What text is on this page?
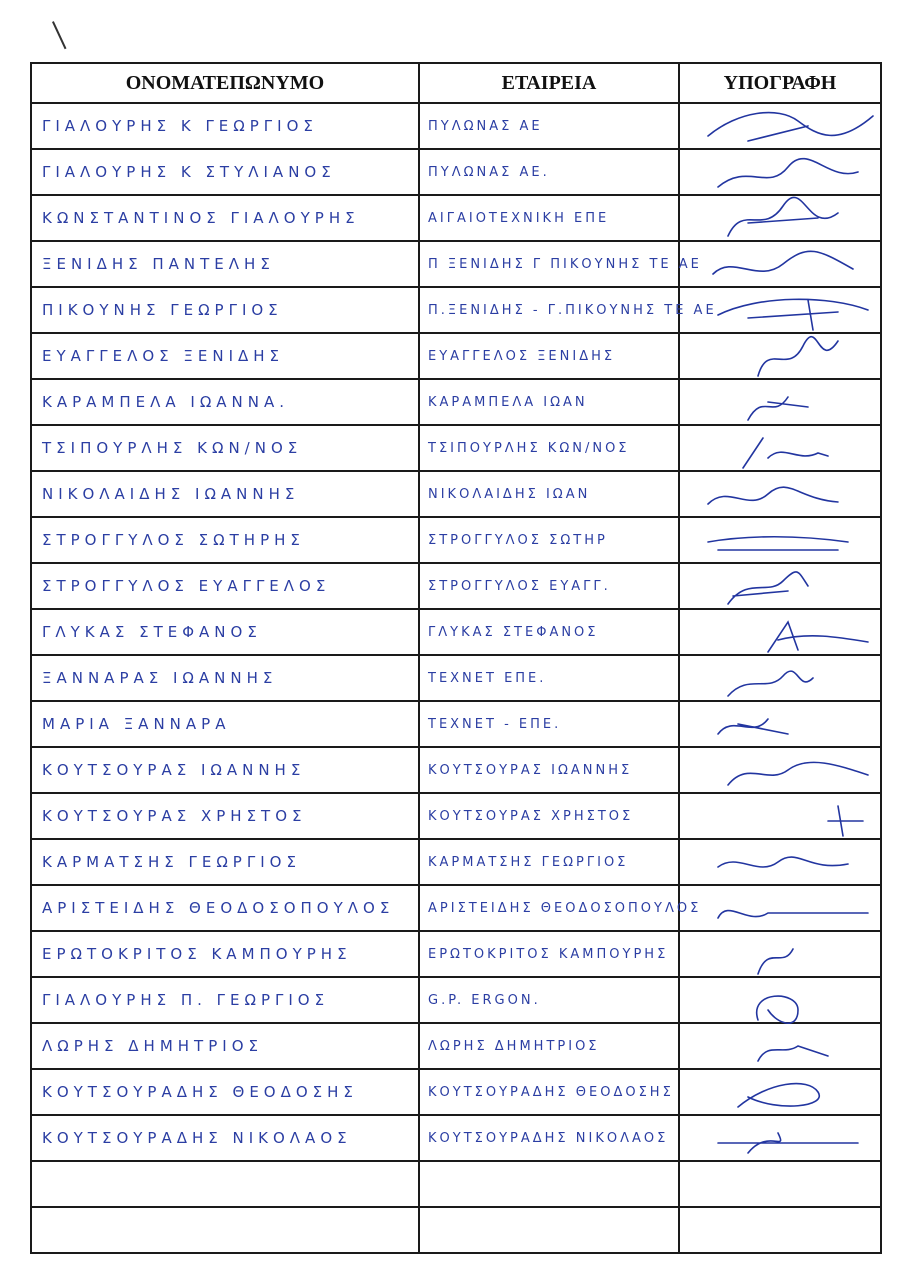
ΟΝΟΜΑΤΕΠΩΝΥΜΟ	ΕΤΑΙΡΕΙΑ	ΥΠΟΓΡΑΦΗ
ΓΙΑΛΟΥΡΗΣ Κ ΓΕΩΡΓΙΟΣ	ΠΥΛΩΝΑΣ ΑΕ	

ΓΙΑΛΟΥΡΗΣ Κ ΣΤΥΛΙΑΝΟΣ	ΠΥΛΩΝΑΣ ΑΕ.	

ΚΩΝΣΤΑΝΤΙΝΟΣ ΓΙΑΛΟΥΡΗΣ	ΑΙΓΑΙΟΤΕΧΝΙΚΗ ΕΠΕ	

ΞΕΝΙΔΗΣ ΠΑΝΤΕΛΗΣ	Π ΞΕΝΙΔΗΣ Γ ΠΙΚΟΥΝΗΣ ΤΕ ΑΕ	

ΠΙΚΟΥΝΗΣ ΓΕΩΡΓΙΟΣ	Π.ΞΕΝΙΔΗΣ - Γ.ΠΙΚΟΥΝΗΣ ΤΕ ΑΕ	

ΕΥΑΓΓΕΛΟΣ ΞΕΝΙΔΗΣ	ΕΥΑΓΓΕΛΟΣ ΞΕΝΙΔΗΣ	

ΚΑΡΑΜΠΕΛΑ ΙΩΑΝΝΑ.	ΚΑΡΑΜΠΕΛΑ ΙΩΑΝ	

ΤΣΙΠΟΥΡΛΗΣ ΚΩΝ/ΝΟΣ	ΤΣΙΠΟΥΡΛΗΣ ΚΩΝ/ΝΟΣ	

ΝΙΚΟΛΑΙΔΗΣ ΙΩΑΝΝΗΣ	ΝΙΚΟΛΑΙΔΗΣ ΙΩΑΝ	

ΣΤΡΟΓΓΥΛΟΣ ΣΩΤΗΡΗΣ	ΣΤΡΟΓΓΥΛΟΣ ΣΩΤΗΡ	

ΣΤΡΟΓΓΥΛΟΣ ΕΥΑΓΓΕΛΟΣ	ΣΤΡΟΓΓΥΛΟΣ ΕΥΑΓΓ.	

ΓΛΥΚΑΣ ΣΤΕΦΑΝΟΣ	ΓΛΥΚΑΣ ΣΤΕΦΑΝΟΣ	

ΞΑΝΝΑΡΑΣ ΙΩΑΝΝΗΣ	ΤΕΧΝΕΤ ΕΠΕ.	

ΜΑΡΙΑ ΞΑΝΝΑΡΑ	ΤΕΧΝΕΤ - ΕΠΕ.	

ΚΟΥΤΣΟΥΡΑΣ ΙΩΑΝΝΗΣ	ΚΟΥΤΣΟΥΡΑΣ ΙΩΑΝΝΗΣ	

ΚΟΥΤΣΟΥΡΑΣ ΧΡΗΣΤΟΣ	ΚΟΥΤΣΟΥΡΑΣ ΧΡΗΣΤΟΣ	

ΚΑΡΜΑΤΣΗΣ ΓΕΩΡΓΙΟΣ	ΚΑΡΜΑΤΣΗΣ ΓΕΩΡΓΙΟΣ	

ΑΡΙΣΤΕΙΔΗΣ ΘΕΟΔΟΣΟΠΟΥΛΟΣ	ΑΡΙΣΤΕΙΔΗΣ ΘΕΟΔΟΣΟΠΟΥΛΟΣ	

ΕΡΩΤΟΚΡΙΤΟΣ ΚΑΜΠΟΥΡΗΣ	ΕΡΩΤΟΚΡΙΤΟΣ ΚΑΜΠΟΥΡΗΣ	

ΓΙΑΛΟΥΡΗΣ Π. ΓΕΩΡΓΙΟΣ	G.P. ERGON.	

ΛΩΡΗΣ ΔΗΜΗΤΡΙΟΣ	ΛΩΡΗΣ ΔΗΜΗΤΡΙΟΣ	

ΚΟΥΤΣΟΥΡΑΔΗΣ ΘΕΟΔΟΣΗΣ	ΚΟΥΤΣΟΥΡΑΔΗΣ ΘΕΟΔΟΣΗΣ	

ΚΟΥΤΣΟΥΡΑΔΗΣ ΝΙΚΟΛΑΟΣ	ΚΟΥΤΣΟΥΡΑΔΗΣ ΝΙΚΟΛΑΟΣ	
